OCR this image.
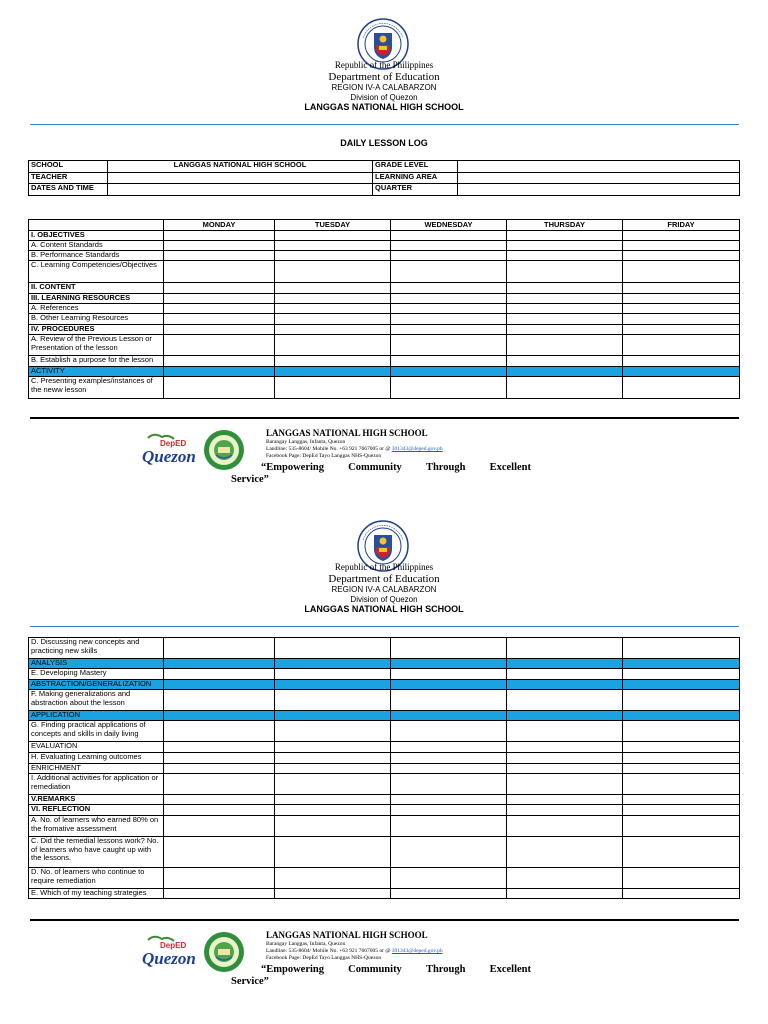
Republic of the Philippines
Department of Education
REGION IV-A CALABARZON
Division of Quezon
LANGGAS NATIONAL HIGH SCHOOL
DAILY LESSON LOG
SCHOOL	LANGGAS NATIONAL HIGH SCHOOL	GRADE LEVEL	
TEACHER		LEARNING AREA	
DATES AND TIME		QUARTER	
	MONDAY	TUESDAY	WEDNESDAY	THURSDAY	FRIDAY
I. OBJECTIVES					
A. Content Standards					
B. Performance Standards					
C. Learning Competencies/Objectives					
II. CONTENT					
III. LEARNING RESOURCES					
A. References					
B. Other Learning Resources					
IV. PROCEDURES					
A. Review of the Previous Lesson or Presentation of the lesson					
B. Establish a purpose for the lesson					
ACTIVITY					
C. Presenting examples/instances of the neww lesson					
DepED
Quezon
LANGGAS NATIONAL HIGH SCHOOL
Barangay Langgas, Infanta, Quezon
Landline: 535-8604/ Mobile No. +63 921 7667005 or @ 301343@deped.gov.ph
Facebook Page: DepEd Tayo Langgas NHS-Quezon
“Empowering Community Through Excellent
Service”
Republic of the Philippines
Department of Education
REGION IV-A CALABARZON
Division of Quezon
LANGGAS NATIONAL HIGH SCHOOL
D. Discussing new concepts and practicing new skills					
ANALYSIS					
E. Developing Mastery					
ABSTRACTION/GENERALIZATION					
F. Making generalizations and abstraction about the lesson					
APPLICATION					
G. Finding practical applications of concepts and skills in daily living					
EVALUATION					
H. Evaluating Learning outcomes					
ENRICHMENT					
I. Additional activities for application or remediation					
V.REMARKS					
VI. REFLECTION					
A. No. of learners who earned 80% on the fromative assessment					
C. Did the remedial lessons work? No. of learners who have caught up with the lessons.					
D. No. of learners who continue to require remediation					
E. Which of my teaching strategies					
DepED
Quezon
LANGGAS NATIONAL HIGH SCHOOL
Barangay Langgas, Infanta, Quezon
Landline: 535-8604/ Mobile No. +63 921 7667005 or @ 301343@deped.gov.ph
Facebook Page: DepEd Tayo Langgas NHS-Quezon
“Empowering Community Through Excellent
Service”
